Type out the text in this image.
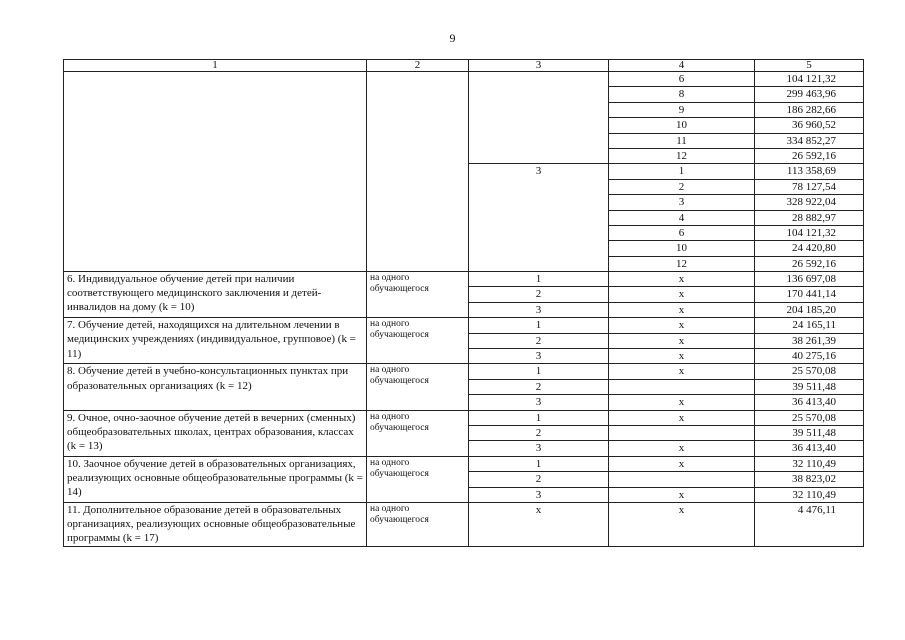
9
1	2	3	4	5
			6	104 121,32
			8	299 463,96
			9	186 282,66
			10	36 960,52
			11	334 852,27
			12	26 592,16
		3	1	113 358,69
			2	78 127,54
			3	328 922,04
			4	28 882,97
			6	104 121,32
			10	24 420,80
			12	26 592,16
6. Индивидуальное обучение детей при наличии соответствующего медицинского заключения и детей-инвалидов на дому (k = 10)	на одного обучающегося	1	х	136 697,08
		2	х	170 441,14
		3	х	204 185,20
7. Обучение детей, находящихся на длительном лечении в медицинских учреждениях (индивидуальное, групповое) (k = 11)	на одного обучающегося	1	х	24 165,11
		2	х	38 261,39
		3	х	40 275,16
8. Обучение детей в учебно-консультационных пунктах при образовательных организациях (k = 12)	на одного обучающегося	1	х	25 570,08
		2		39 511,48
		3	х	36 413,40
9. Очное, очно-заочное обучение детей в вечерних (сменных) общеобразовательных школах, центрах образования, классах (k = 13)	на одного обучающегося	1	х	25 570,08
		2		39 511,48
		3	х	36 413,40
10. Заочное обучение детей в образовательных организациях, реализующих основные общеобразовательные программы (k = 14)	на одного обучающегося	1	х	32 110,49
		2		38 823,02
		3	х	32 110,49
11. Дополнительное образование детей в образовательных организациях, реализующих основные общеобразовательные программы (k = 17)	на одного обучающегося	х	х	4 476,11
